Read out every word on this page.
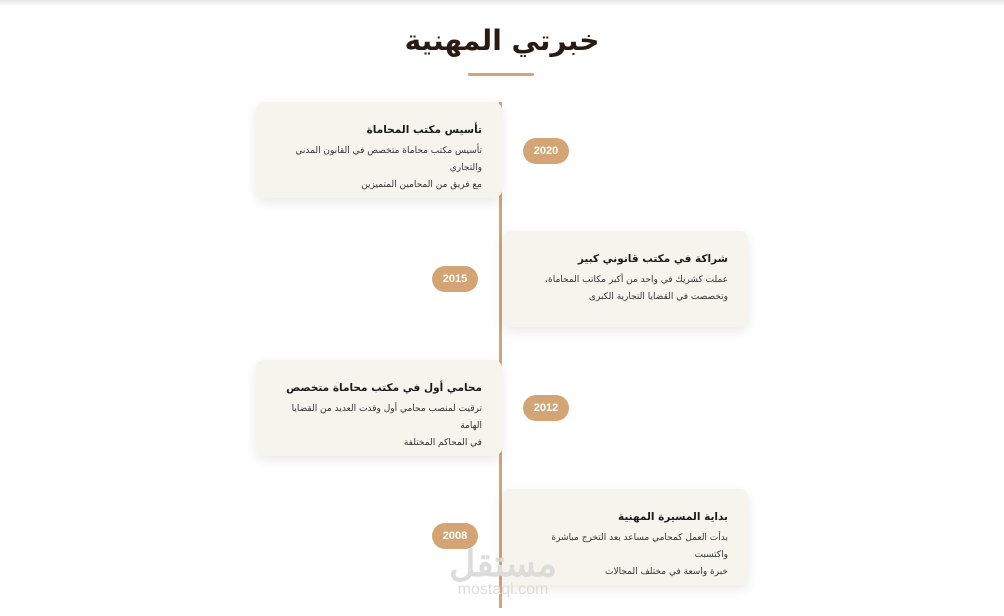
خبرتي المهنية
تأسيس مكتب المحاماة
تأسيس مكتب محاماة متخصص في القانون المدني والتجاري
مع فريق من المحامين المتميزين
2020
شراكة في مكتب قانوني كبير
عملت كشريك في واحد من أكبر مكاتب المحاماة،
وتخصصت في القضايا التجارية الكبرى
2015
محامي أول في مكتب محاماة متخصص
ترقيت لمنصب محامي أول وقدت العديد من القضايا الهامة
في المحاكم المختلفة
2012
بداية المسيرة المهنية
بدأت العمل كمحامي مساعد بعد التخرج مباشرة واكتسبت
خبرة واسعة في مختلف المجالات
2008
مستقل
mostaql.com
